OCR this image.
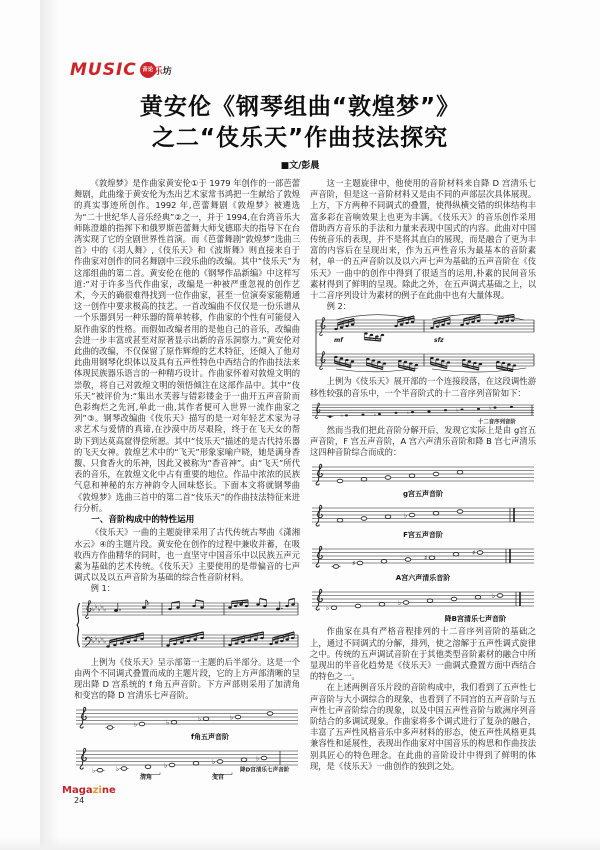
MUSIC 音论 乐 坊
黄安伦《钢琴组曲“敦煌梦”》
之二“伎乐天”作曲技法探究
■文/彭晨

《敦煌梦》是作曲家黄安伦①于 1979 年创作的一部芭蕾舞剧，此曲缘于黄安伦为杰出艺术家常书鸿把一生献给了敦煌的真实事迹所创作。1992 年,芭蕾舞剧《敦煌梦》被遴选为“二十世纪华人音乐经典”②之一，并于 1994,在台湾音乐大师陈澄雄的指挥下和俄罗斯芭蕾舞大师戈德耶夫的指导下在台湾实现了它的全剧世界性首演。而《芭蕾舞剧“敦煌梦”选曲三首》中的《羽人舞》,《伎乐天》和《波斯舞》则直接来自于作曲家对创作的同名舞剧中三段乐曲的改编。其中“伎乐天”为这部组曲的第二首。黄安伦在他的《钢琴作品新编》中这样写道:“对于许多当代作曲家，改编是一种被严重忽视的创作艺术，今天的确很难得找到一位作曲家，甚至一位演奏家能精通这一创作中要求极高的技艺。一首改编曲不仅仅是一份乐谱从一个乐器到另一种乐器的简单转移，作曲家的个性有可能侵入原作曲家的性格。而假如改编者用的是他自己的音乐，改编曲会进一步丰富或甚至对原著显示出新的音乐洞察力。”黄安伦对此曲的改编，不仅保留了原作辉煌的艺术特征，还倾入了他对此曲用钢琴化织体以及具有五声性特色中西结合的作曲技法来体现民族器乐语言的一种精巧设计。作曲家怀着对敦煌文明的崇敬，将自己对敦煌文明的领悟倾注在这部作品中。其中“伎乐天”被评价为:“集出水芙蓉与错彩镂金于一曲开五声音阶而色彩绚烂之先河,单此一曲,其作者便可入世界一流作曲家之列”③。钢琴改编曲《伎乐天》描写的是一对年轻艺术家为寻求艺术与爱情的真谛,在沙漠中历尽艰险，终于在飞天女的帮助下到达莫高窟得偿所愿。其中“伎乐天”描述的是古代持乐器的飞天女神。敦煌艺术中的“飞天”形象家喻户晓，她是满身香馥、只食香火的乐神，因此又被称为“香音神”。由“飞天”所代表的音乐，在敦煌文化中占有重要的地位。作品中浓浓的民族气息和神秘的东方神韵令人回味悠长。下面本文将就钢琴曲《敦煌梦》选曲三首中的第二首“伎乐天”的作曲技法特征来进行分析。

一、音阶构成中的特性运用

《伎乐天》一曲的主题旋律采用了古代传统古琴曲《潇湘水云》④的主题片段。黄安伦在创作的过程中兼收并蓄，在吸收西方作曲精华的同时，也一直坚守中国音乐中以民族五声元素为基础的艺术传统。《伎乐天》主要使用的是带偏音的七声调式以及以五声音阶为基础的综合性音阶材料。

例 1：

♭ ♭ ♭ ♭ ♭
♭ ♭ ♭ ♭ ♭

上例为《伎乐天》呈示部第一主题的后半部分。这是一个由两个不同调式叠置而成的主题片段，它的上方声部清晰的呈现出降 D 宫系统的 f 角五声音阶。下方声部则采用了加清角和变宫的降 D 宫清乐七声音阶。

♭	♭	♭	♭
f角五声音阶
♭	♭	♭	♭	♭
清角	变宫
降D宫清乐七声音阶

这一主题旋律中，他使用的音阶材料来自降 D 宫清乐七声音阶，但是这一音阶材料又是由不同的声部层次具体展现。上方，下方两种不同调式的叠置，使得纵横交错的织体结构丰富多彩在音响效果上也更为丰满。《伎乐天》的音乐创作采用借助西方音乐的手法和力量来表现中国式的内容。此曲对中国传统音乐的表现，并不是将其直白的展现，而是融合了更为丰富的内容后在呈现出来，作为五声性音乐为最基本的音阶素材，单一的五声音阶以及以六声七声为基础的五声音阶在《伎乐天》一曲中的创作中得到了很适当的运用,朴素的民间音乐素材得到了鲜明的呈现。除此之外，在五声调式基础之上，以十二音序列设计为素材的例子在此曲中也有大量体现。

例 2：

mf	sfz

上例为《伎乐天》展开部的一个连接段落，在这段调性游移性较强的音乐中，一个半音阶式的十二音序列音阶如下：

♭	♭	♭
♭	♭
十二音序列音阶

然而当我们把此音阶分解开后，发现它实际上是由 g宫五声音阶，F 宫五声音阶，A 宫六声清乐音阶和降 B 宫七声清乐这四种音阶综合而成的：

g宫五声音阶
♭
F宫五声音阶
♯
♯
♯
A宫六声清乐音阶
♭
♭
♭
降B宫清乐七声音阶

作曲家在具有严格音程排列的十二音序列音阶的基础之上，通过不同调式的分解，排列，使之溶解于五声性调式旋律之中。传统的五声调试音阶在于其他类型音阶素材的融合中所显现出的半音化趋势是《伎乐天》一曲调式叠置方面中西结合的特色之一。

在上述两例音乐片段的音阶构成中，我们看到了五声性七声音阶与大小调综合的现象，也看到了不同宫的五声音阶与五声性七声音阶综合的现象，以及中国五声性音阶与欧洲序列音阶结合的多调试现象。作曲家将多个调式进行了复杂的融合，丰富了五声性风格音乐中多声材料的形态，使五声性风格更具兼容性和延展性，表现出作曲家对中国音乐的构思和作曲技法别具匠心的特色理念。在此曲的音阶设计中得到了鲜明的体现，是《伎乐天》一曲创作的独到之处。

Magazine
24
